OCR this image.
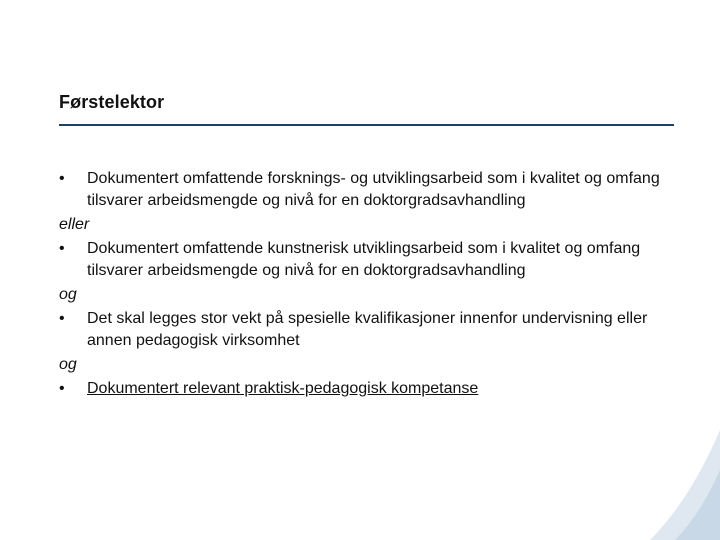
Førstelektor
•	Dokumentert omfattende forsknings- og utviklingsarbeid som i kvalitet og omfang tilsvarer arbeidsmengde og nivå for en doktorgradsavhandling
eller
•	Dokumentert omfattende kunstnerisk utviklingsarbeid som i kvalitet og omfang tilsvarer arbeidsmengde og nivå for en doktorgradsavhandling
og
•	Det skal legges stor vekt på spesielle kvalifikasjoner innenfor undervisning eller annen pedagogisk virksomhet
og
•	Dokumentert relevant praktisk-pedagogisk kompetanse
